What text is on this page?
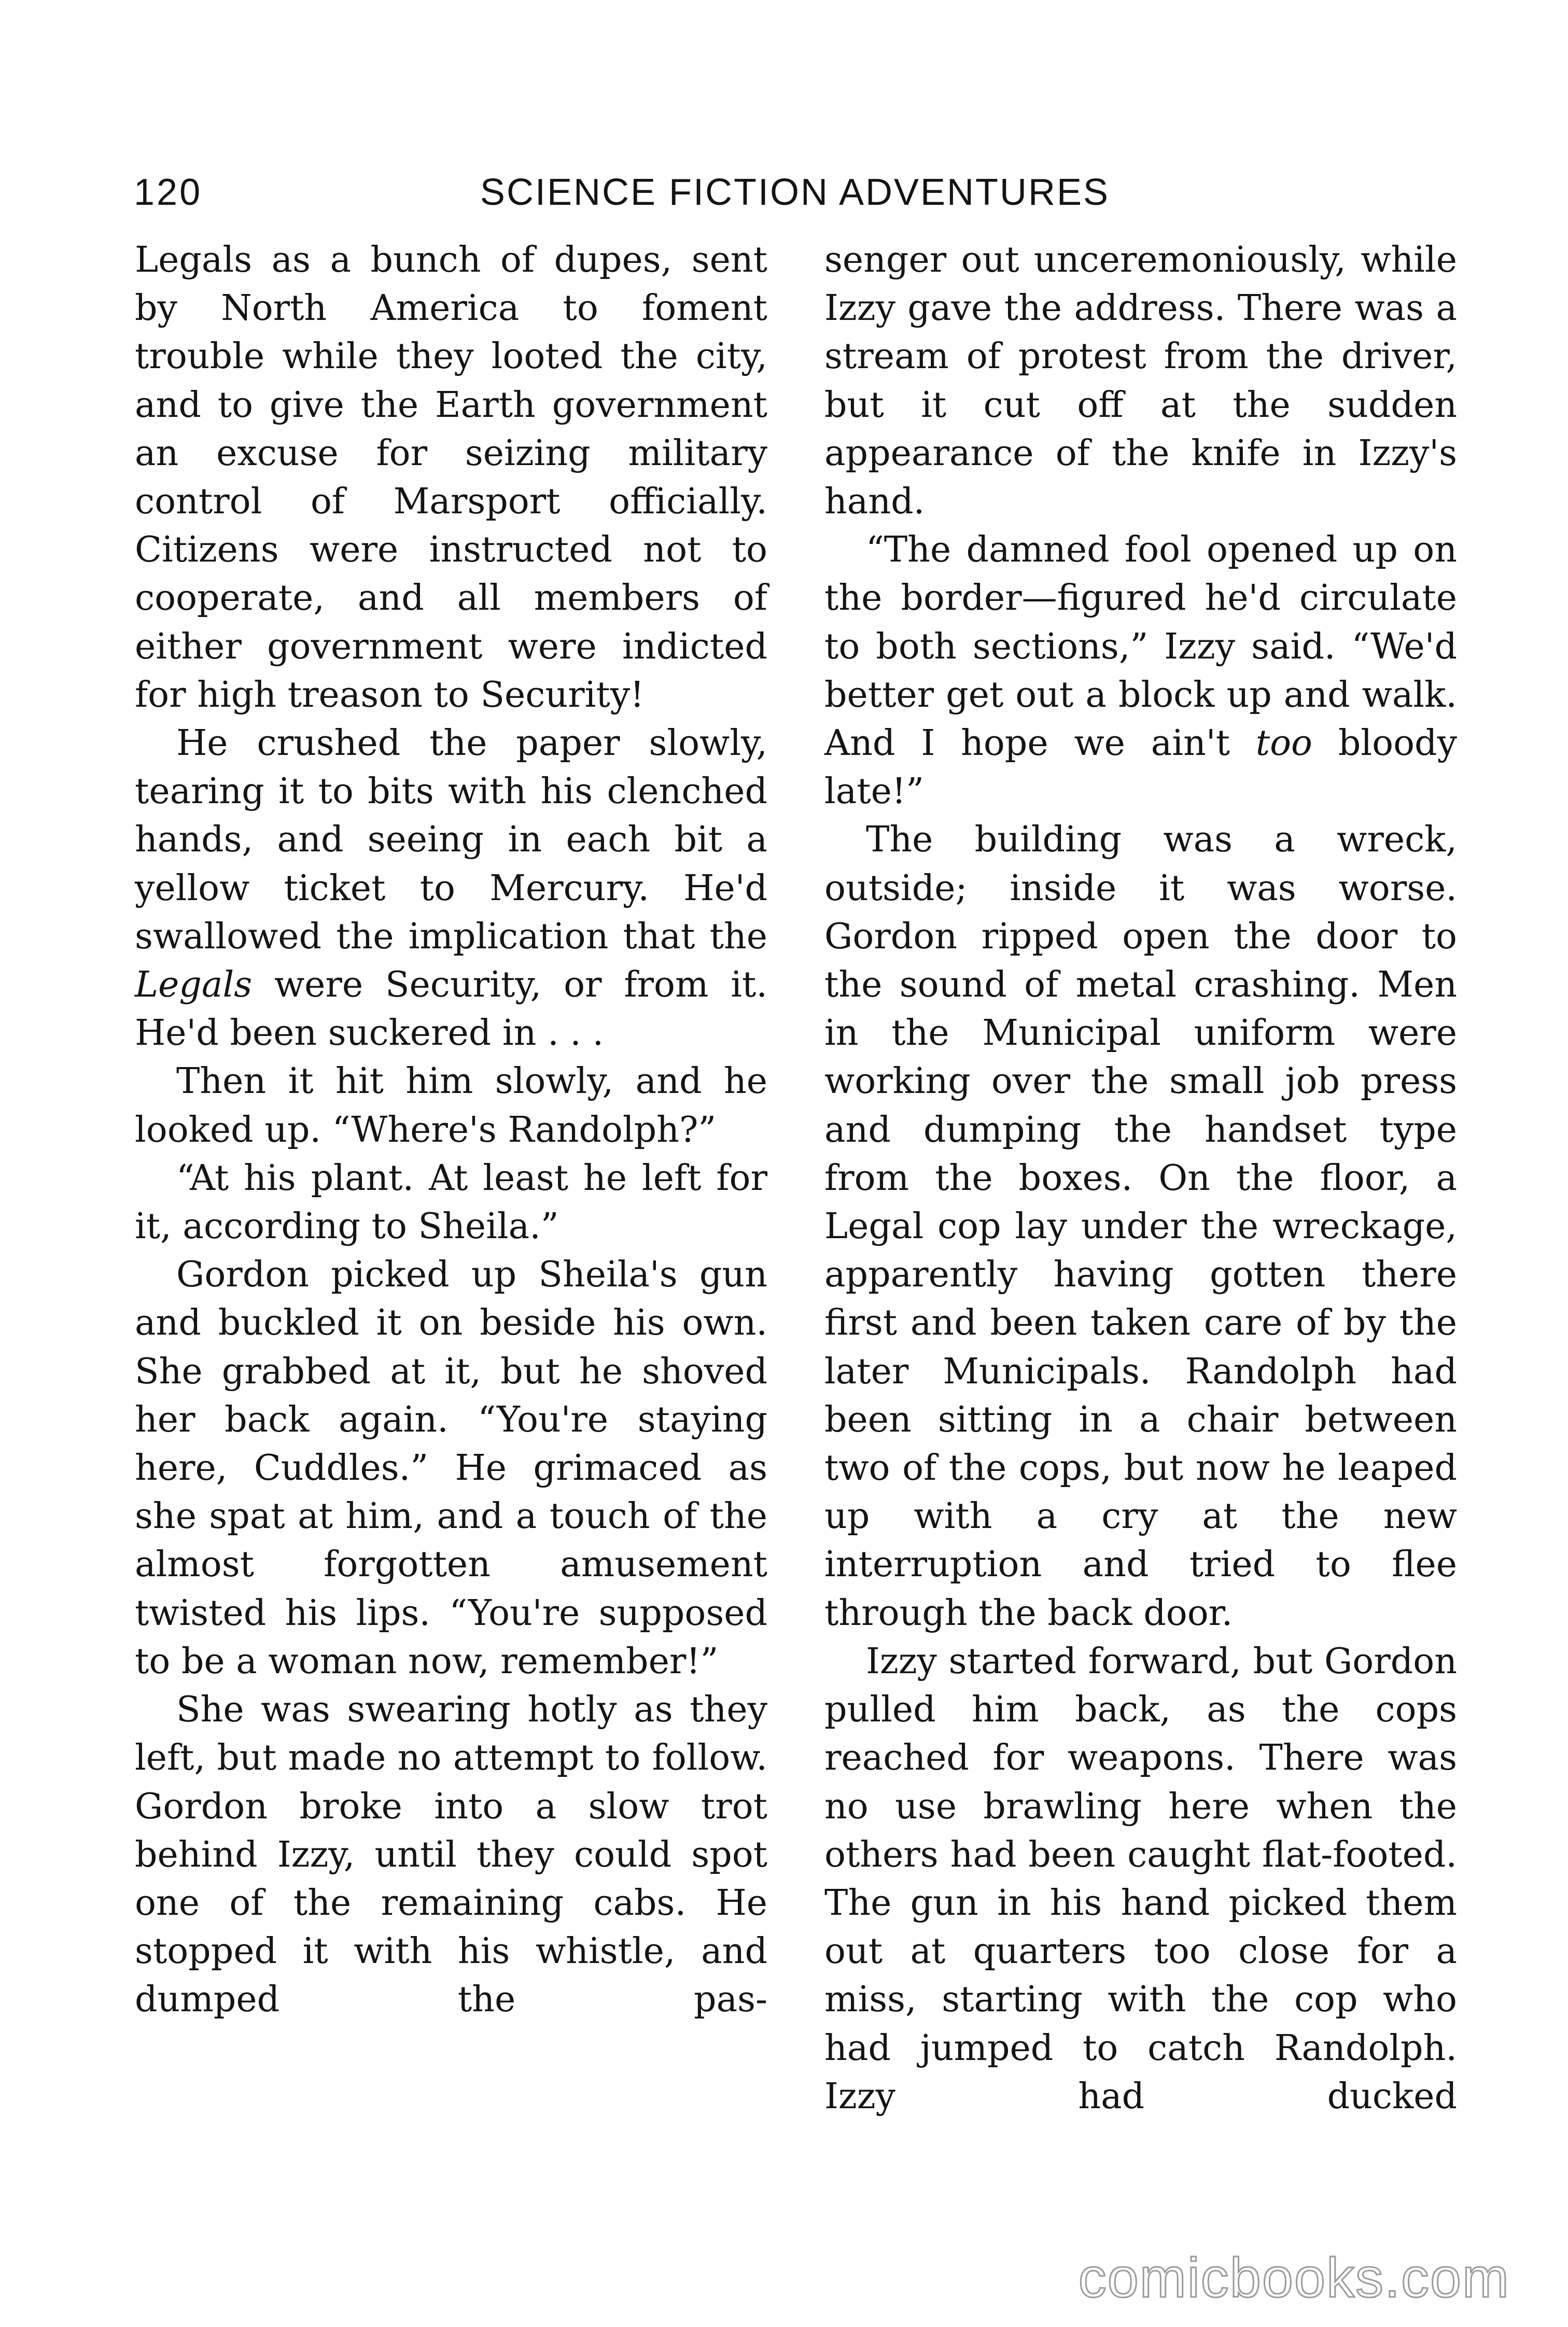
120	SCIENCE FICTION ADVENTURES

Legals as a bunch of dupes, sent by North America to foment trouble while they looted the city, and to give the Earth government an excuse for seizing military control of Marsport officially. Citizens were instructed not to cooperate, and all members of either government were indicted for high treason to Security!

He crushed the paper slowly, tearing it to bits with his clenched hands, and seeing in each bit a yellow ticket to Mercury. He'd swallowed the implication that the Legals were Security, or from it. He'd been suckered in . . .

Then it hit him slowly, and he looked up. “Where's Randolph?”

“At his plant. At least he left for it, according to Sheila.”

Gordon picked up Sheila's gun and buckled it on beside his own. She grabbed at it, but he shoved her back again. “You're staying here, Cuddles.” He grimaced as she spat at him, and a touch of the almost forgotten amusement twisted his lips. “You're supposed to be a woman now, remember!”

She was swearing hotly as they left, but made no attempt to follow. Gordon broke into a slow trot behind Izzy, until they could spot one of the remaining cabs. He stopped it with his whistle, and dumped the pas-

senger out unceremoniously, while Izzy gave the address. There was a stream of protest from the driver, but it cut off at the sudden appearance of the knife in Izzy's hand.

“The damned fool opened up on the border—figured he'd circulate to both sections,” Izzy said. “We'd better get out a block up and walk. And I hope we ain't too bloody late!”

The building was a wreck, outside; inside it was worse. Gordon ripped open the door to the sound of metal crashing. Men in the Municipal uniform were working over the small job press and dumping the handset type from the boxes. On the floor, a Legal cop lay under the wreckage, apparently having gotten there first and been taken care of by the later Municipals. Randolph had been sitting in a chair between two of the cops, but now he leaped up with a cry at the new interruption and tried to flee through the back door.

Izzy started forward, but Gordon pulled him back, as the cops reached for weapons. There was no use brawling here when the others had been caught flat-footed. The gun in his hand picked them out at quarters too close for a miss, starting with the cop who had jumped to catch Randolph. Izzy had ducked

comicbooks.com
